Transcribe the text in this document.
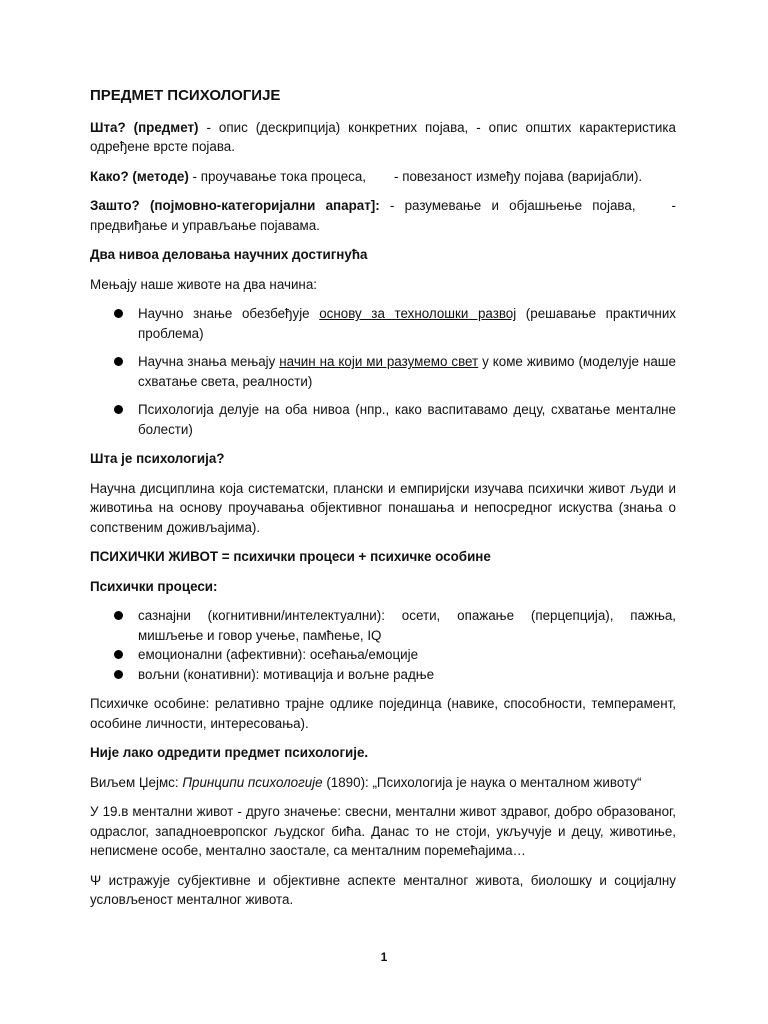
ПРЕДМЕТ ПСИХОЛОГИЈЕ
Шта? (предмет) - опис (дескрипција) конкретних појава, - опис општих карактеристика одређене врсте појава.
Како? (методе) - проучавање тока процеса, - повезаност између појава (варијабли).
Зашто? (појмовно-категоријални апарат]: - разумевање и објашњење појава,	- предвиђање и управљање појавама.
Два нивоа деловања научних достигнућа
Мењају наше животе на два начина:
Научно знање обезбеђује основу за технолошки развој (решавање практичних проблема)
Научна знања мењају начин на који ми разумемо свет у коме живимо (моделује наше схватање света, реалности)
Психологија делује на оба нивоа (нпр., како васпитавамо децу, схватање менталне болести)
Шта је психологија?
Научна дисциплина која систематски, плански и емпиријски изучава психички живот људи и животиња на основу проучавања објективног понашања и непосредног искуства (знања о сопственим доживљајима).
ПСИХИЧКИ ЖИВОТ = психички процеси + психичке особине
Психички процеси:
сазнајни (когнитивни/интелектуални): осети, опажање (перцепција), пажња, мишљење и говор учење, памћење, IQ
емоционални (афективни): осећања/емоције
вољни (конативни): мотивација и вољне радње
Психичке особине: релативно трајне одлике појединца (навике, способности, темперамент, особине личности, интересовања).
Није лако одредити предмет психологије.
Виљем Џејмс: Принципи психологије (1890): „Психологија је наука о менталном животу“
У 19.в ментални живот - друго значење: свесни, ментални живот здравог, добро образованог, одраслог, западноевропског људског бића. Данас то не стоји, укључује и децу, животиње, неписмене особе, ментално заостале, са менталним поремећајима…
Ψ истражује субјективне и објективне аспекте менталног живота, биолошку и социјалну условљеност менталног живота.
1
